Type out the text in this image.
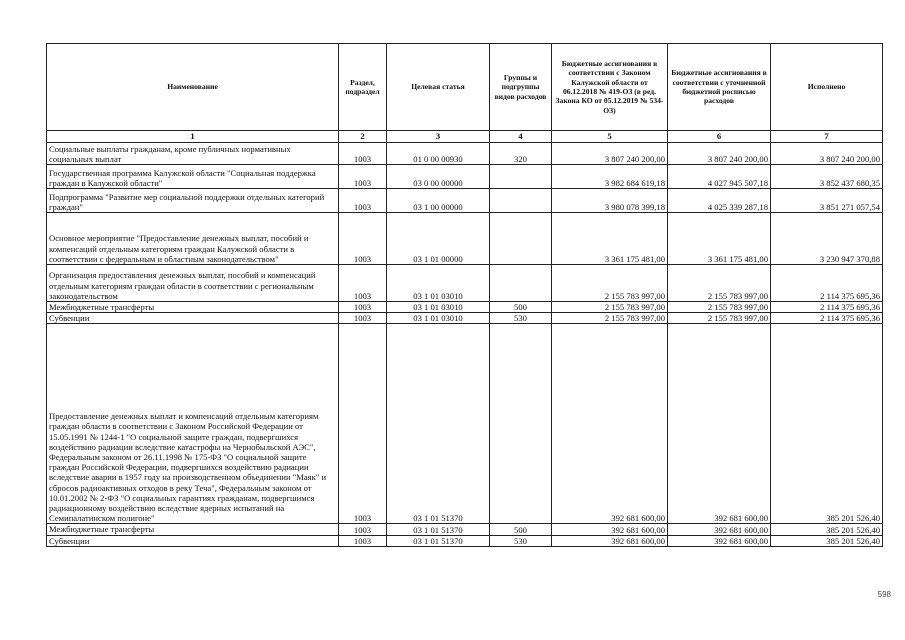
Наименование	Раздел, подраздел	Целевая статья	Группы и подгруппы видов расходов	Бюджетные ассигнования в соответствии с Законом Калужской области от 06.12.2018 № 419-ОЗ (в ред. Закона КО от 05.12.2019 № 534-ОЗ)	Бюджетные ассигнования в соответствии с уточненной бюджетной росписью расходов	Исполнено
1	2	3	4	5	6	7
Социальные выплаты гражданам, кроме публичных нормативных социальных выплат	1003	01 0 00 00930	320	3 807 240 200,00	3 807 240 200,00	3 807 240 200,00
Государственная программа Калужской области "Социальная поддержка граждан в Калужской области"	1003	03 0 00 00000		3 982 684 619,18	4 027 945 507,18	3 852 437 680,35
Подпрограмма "Развитие мер социальной поддержки отдельных категорий граждан"	1003	03 1 00 00000		3 980 078 399,18	4 025 339 287,18	3 851 271 057,54
Основное мероприятие "Предоставление денежных выплат, пособий и компенсаций отдельным категориям граждан Калужской области в соответствии с федеральным и областным законодательством"	1003	03 1 01 00000		3 361 175 481,00	3 361 175 481,00	3 230 947 370,88
Организация предоставления денежных выплат, пособий и компенсаций отдельным категориям граждан области в соответствии с региональным законодательством	1003	03 1 01 03010		2 155 783 997,00	2 155 783 997,00	2 114 375 695,36
Межбюджетные трансферты	1003	03 1 01 03010	500	2 155 783 997,00	2 155 783 997,00	2 114 375 695,36
Субвенции	1003	03 1 01 03010	530	2 155 783 997,00	2 155 783 997,00	2 114 375 695,36
Предоставление денежных выплат и компенсаций отдельным категориям граждан области в соответствии с Законом Российской Федерации от 15.05.1991 № 1244-1 "О социальной защите граждан, подвергшихся воздействию радиации вследствие катастрофы на Чернобыльской АЭС", Федеральным законом от 26.11.1998 № 175-ФЗ "О социальной защите граждан Российской Федерации, подвергшихся воздействию радиации вследствие аварии в 1957 году на производственном объединении "Маяк" и сбросов радиоактивных отходов в реку Теча", Федеральным законом от 10.01.2002 № 2-ФЗ "О социальных гарантиях гражданам, подвергшимся радиационному воздействию вследствие ядерных испытаний на Семипалатинском полигоне"	1003	03 1 01 51370		392 681 600,00	392 681 600,00	385 201 526,40
Межбюджетные трансферты	1003	03 1 01 51370	500	392 681 600,00	392 681 600,00	385 201 526,40
Субвенции	1003	03 1 01 51370	530	392 681 600,00	392 681 600,00	385 201 526,40
598
